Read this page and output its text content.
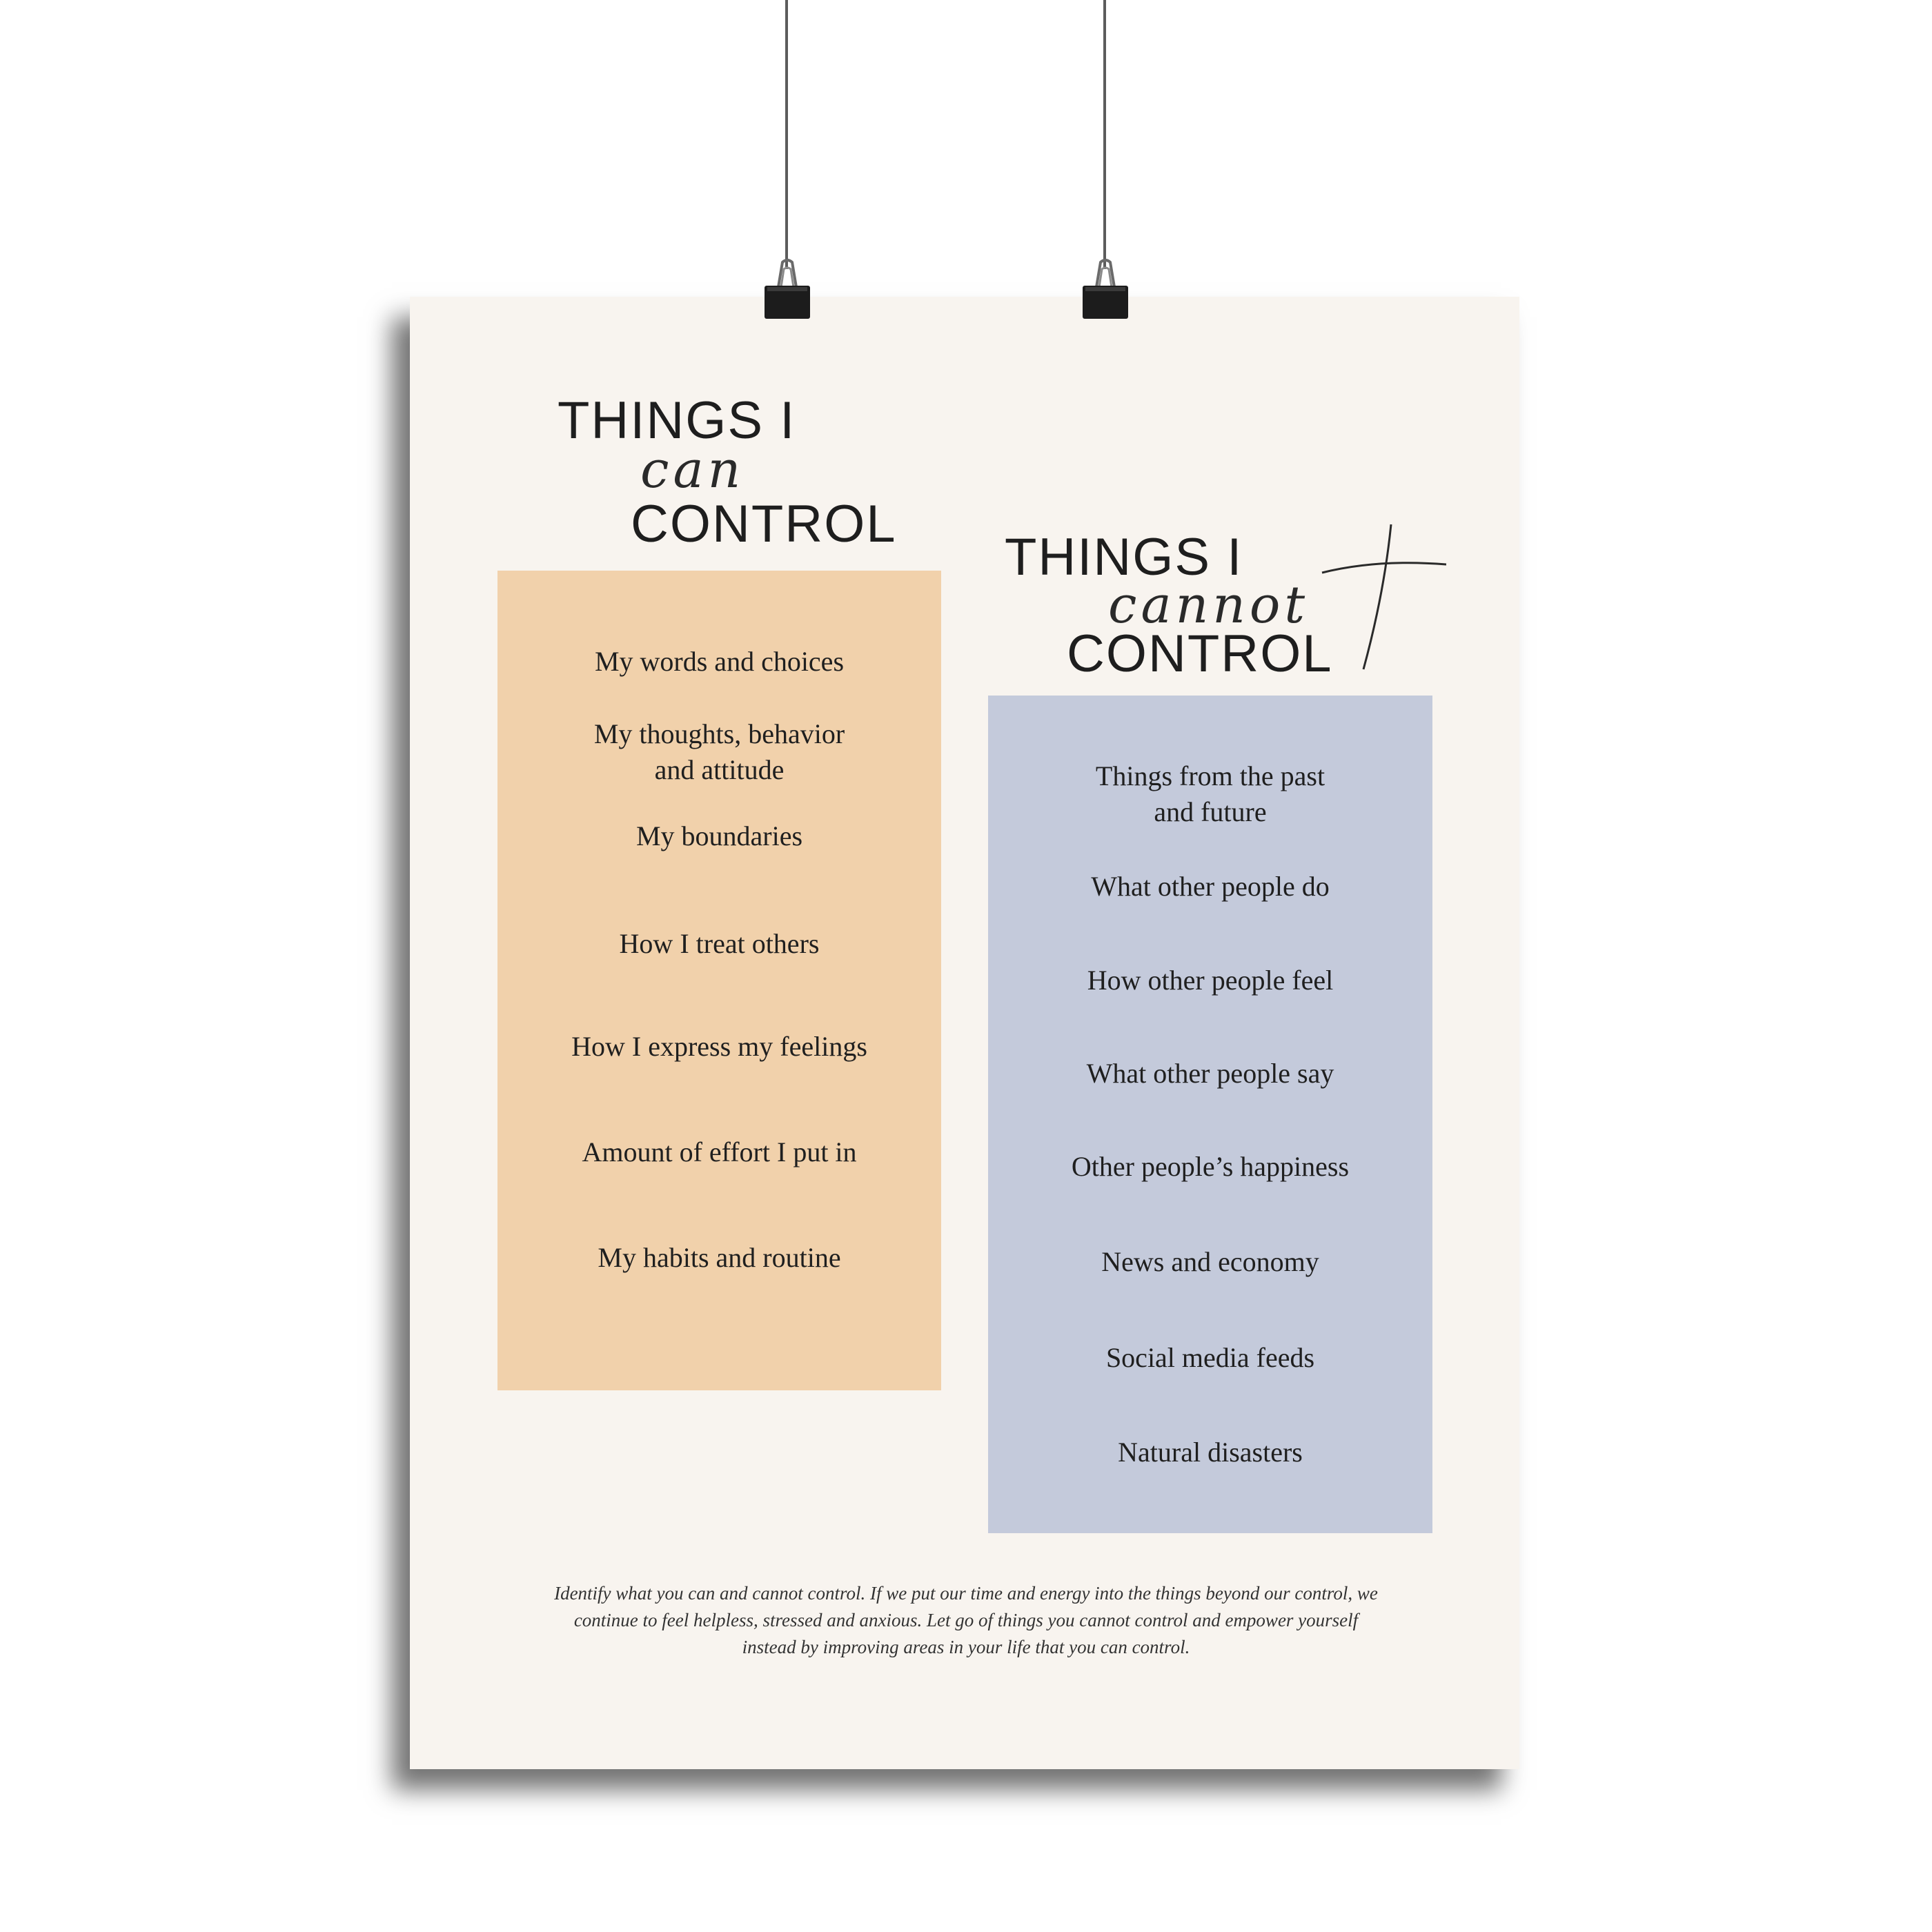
THINGS I
can
CONTROL
THINGS I
cannot
CONTROL
My words and choices
My thoughts, behavior
and attitude
My boundaries
How I treat others
How I express my feelings
Amount of effort I put in
My habits and routine
Things from the past
and future
What other people do
How other people feel
What other people say
Other people’s happiness
News and economy
Social media feeds
Natural disasters
Identify what you can and cannot control. If we put our time and energy into the things beyond our control, we continue to feel helpless, stressed and anxious. Let go of things you cannot control and empower yourself instead by improving areas in your life that you can control.
